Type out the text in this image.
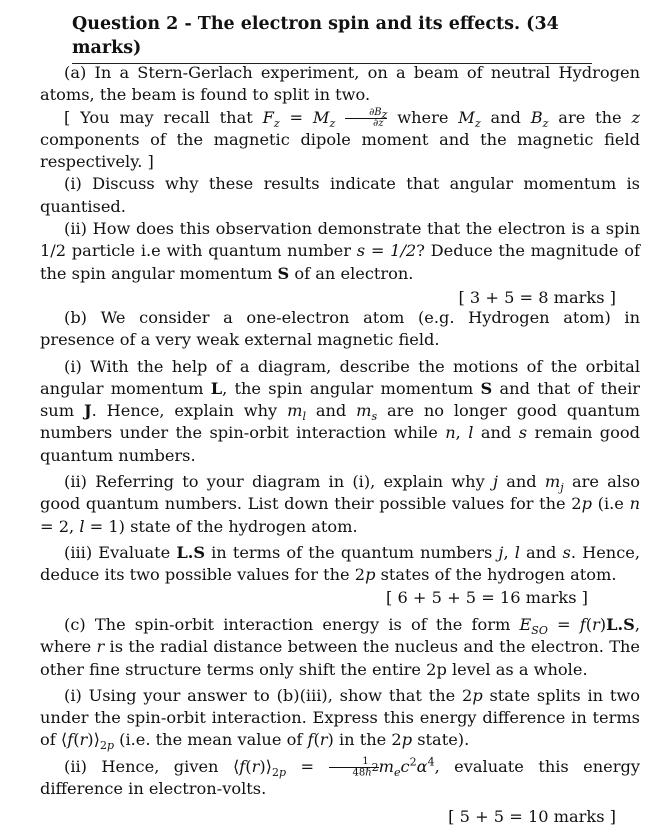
Question 2 - The electron spin and its effects. (34 marks)

(a) In a Stern-Gerlach experiment, on a beam of neutral Hydrogen atoms, the beam is found to split in two.

[ You may recall that $F_z = M_z \frac{\partial B_z}{\partial z}$ where $M_z$ and $B_z$ are the z components of the magnetic dipole moment and the magnetic field respectively. ]

(i) Discuss why these results indicate that angular momentum is quantised.

(ii) How does this observation demonstrate that the electron is a spin 1/2 particle i.e with quantum number s = 1/2? Deduce the magnitude of the spin angular momentum S of an electron.

[ 3 + 5 = 8 marks ]

(b) We consider a one-electron atom (e.g. Hydrogen atom) in presence of a very weak external magnetic field.

(i) With the help of a diagram, describe the motions of the orbital angular momentum L, the spin angular momentum S and that of their sum J. Hence, explain why $m_l$ and $m_s$ are no longer good quantum numbers under the spin-orbit interaction while n, l and s remain good quantum numbers.

(ii) Referring to your diagram in (i), explain why j and $m_j$ are also good quantum numbers. List down their possible values for the 2p (i.e n = 2, l = 1) state of the hydrogen atom.

(iii) Evaluate L.S in terms of the quantum numbers j, l and s. Hence, deduce its two possible values for the 2p states of the hydrogen atom.

[ 6 + 5 + 5 = 16 marks ]

(c) The spin-orbit interaction energy is of the form $E_{SO} = f(r)L.S$, where r is the radial distance between the nucleus and the electron. The other fine structure terms only shift the entire 2p level as a whole.

(i) Using your answer to (b)(iii), show that the 2p state splits in two under the spin-orbit interaction. Express this energy difference in terms of $⟨f(r)⟩_{2p}$ (i.e. the mean value of f(r) in the 2p state).

(ii) Hence, given $⟨f(r)⟩_{2p} = \frac{1}{48\hbar^2} m_ec^2\alpha^4$, evaluate this energy difference in electron-volts.

[ 5 + 5 = 10 marks ]
